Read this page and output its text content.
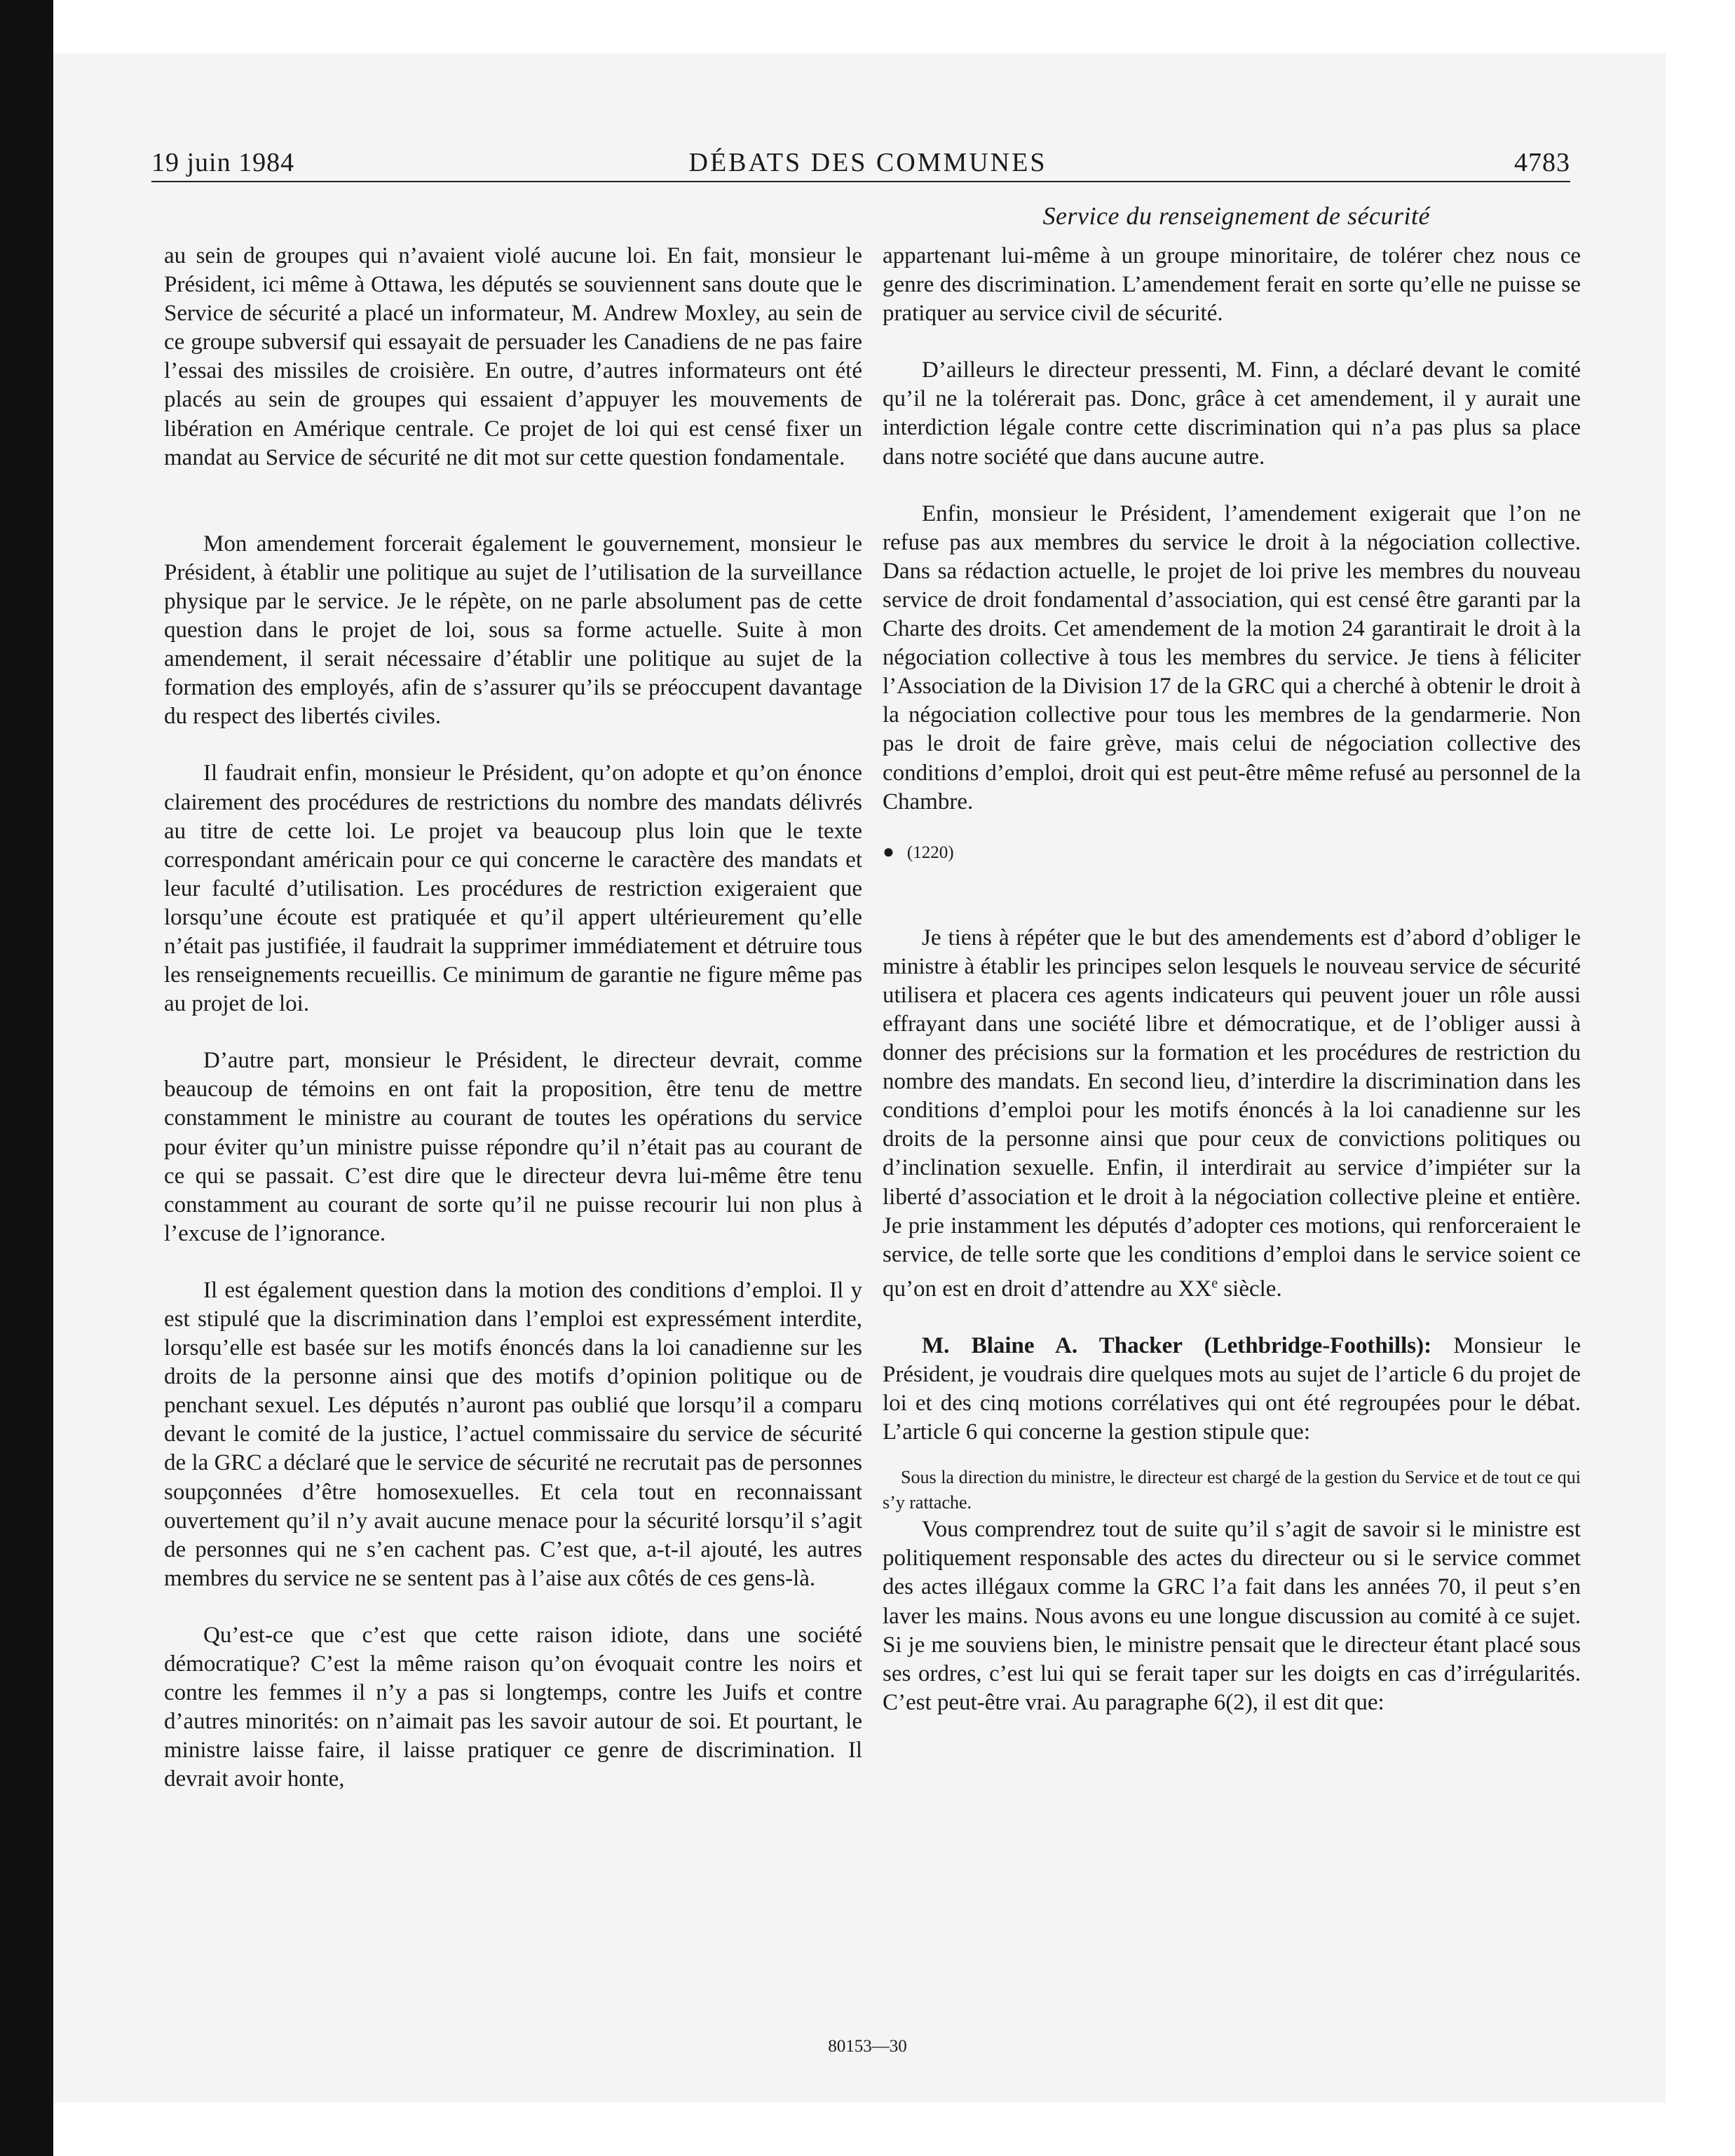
19 juin 1984	DÉBATS DES COMMUNES	4783
Service du renseignement de sécurité

au sein de groupes qui n’avaient violé aucune loi. En fait, monsieur le Président, ici même à Ottawa, les députés se souviennent sans doute que le Service de sécurité a placé un informateur, M. Andrew Moxley, au sein de ce groupe subversif qui essayait de persuader les Canadiens de ne pas faire l’essai des missiles de croisière. En outre, d’autres informateurs ont été placés au sein de groupes qui essaient d’appuyer les mouvements de libération en Amérique centrale. Ce projet de loi qui est censé fixer un mandat au Service de sécurité ne dit mot sur cette question fondamentale.

Mon amendement forcerait également le gouvernement, monsieur le Président, à établir une politique au sujet de l’utilisation de la surveillance physique par le service. Je le répète, on ne parle absolument pas de cette question dans le projet de loi, sous sa forme actuelle. Suite à mon amendement, il serait nécessaire d’établir une politique au sujet de la formation des employés, afin de s’assurer qu’ils se préoccupent davantage du respect des libertés civiles.

Il faudrait enfin, monsieur le Président, qu’on adopte et qu’on énonce clairement des procédures de restrictions du nombre des mandats délivrés au titre de cette loi. Le projet va beaucoup plus loin que le texte correspondant américain pour ce qui concerne le caractère des mandats et leur faculté d’utilisation. Les procédures de restriction exigeraient que lorsqu’une écoute est pratiquée et qu’il appert ultérieurement qu’elle n’était pas justifiée, il faudrait la supprimer immédiatement et détruire tous les renseignements recueillis. Ce minimum de garantie ne figure même pas au projet de loi.

D’autre part, monsieur le Président, le directeur devrait, comme beaucoup de témoins en ont fait la proposition, être tenu de mettre constamment le ministre au courant de toutes les opérations du service pour éviter qu’un ministre puisse répondre qu’il n’était pas au courant de ce qui se passait. C’est dire que le directeur devra lui-même être tenu constamment au courant de sorte qu’il ne puisse recourir lui non plus à l’excuse de l’ignorance.

Il est également question dans la motion des conditions d’emploi. Il y est stipulé que la discrimination dans l’emploi est expressément interdite, lorsqu’elle est basée sur les motifs énoncés dans la loi canadienne sur les droits de la personne ainsi que des motifs d’opinion politique ou de penchant sexuel. Les députés n’auront pas oublié que lorsqu’il a comparu devant le comité de la justice, l’actuel commissaire du service de sécurité de la GRC a déclaré que le service de sécurité ne recrutait pas de personnes soupçonnées d’être homosexuelles. Et cela tout en reconnaissant ouvertement qu’il n’y avait aucune menace pour la sécurité lorsqu’il s’agit de personnes qui ne s’en cachent pas. C’est que, a-t-il ajouté, les autres membres du service ne se sentent pas à l’aise aux côtés de ces gens-là.

Qu’est-ce que c’est que cette raison idiote, dans une société démocratique? C’est la même raison qu’on évoquait contre les noirs et contre les femmes il n’y a pas si longtemps, contre les Juifs et contre d’autres minorités: on n’aimait pas les savoir autour de soi. Et pourtant, le ministre laisse faire, il laisse pratiquer ce genre de discrimination. Il devrait avoir honte,

appartenant lui-même à un groupe minoritaire, de tolérer chez nous ce genre des discrimination. L’amendement ferait en sorte qu’elle ne puisse se pratiquer au service civil de sécurité.

D’ailleurs le directeur pressenti, M. Finn, a déclaré devant le comité qu’il ne la tolérerait pas. Donc, grâce à cet amendement, il y aurait une interdiction légale contre cette discrimination qui n’a pas plus sa place dans notre société que dans aucune autre.

Enfin, monsieur le Président, l’amendement exigerait que l’on ne refuse pas aux membres du service le droit à la négociation collective. Dans sa rédaction actuelle, le projet de loi prive les membres du nouveau service de droit fondamental d’association, qui est censé être garanti par la Charte des droits. Cet amendement de la motion 24 garantirait le droit à la négociation collective à tous les membres du service. Je tiens à féliciter l’Association de la Division 17 de la GRC qui a cherché à obtenir le droit à la négociation collective pour tous les membres de la gendarmerie. Non pas le droit de faire grève, mais celui de négociation collective des conditions d’emploi, droit qui est peut-être même refusé au personnel de la Chambre.

● (1220)

Je tiens à répéter que le but des amendements est d’abord d’obliger le ministre à établir les principes selon lesquels le nouveau service de sécurité utilisera et placera ces agents indicateurs qui peuvent jouer un rôle aussi effrayant dans une société libre et démocratique, et de l’obliger aussi à donner des précisions sur la formation et les procédures de restriction du nombre des mandats. En second lieu, d’interdire la discrimination dans les conditions d’emploi pour les motifs énoncés à la loi canadienne sur les droits de la personne ainsi que pour ceux de convictions politiques ou d’inclination sexuelle. Enfin, il interdirait au service d’impiéter sur la liberté d’association et le droit à la négociation collective pleine et entière. Je prie instamment les députés d’adopter ces motions, qui renforceraient le service, de telle sorte que les conditions d’emploi dans le service soient ce qu’on est en droit d’attendre au XXe siècle.

M. Blaine A. Thacker (Lethbridge-Foothills): Monsieur le Président, je voudrais dire quelques mots au sujet de l’article 6 du projet de loi et des cinq motions corrélatives qui ont été regroupées pour le débat. L’article 6 qui concerne la gestion stipule que:

Sous la direction du ministre, le directeur est chargé de la gestion du Service et de tout ce qui s’y rattache.

Vous comprendrez tout de suite qu’il s’agit de savoir si le ministre est politiquement responsable des actes du directeur ou si le service commet des actes illégaux comme la GRC l’a fait dans les années 70, il peut s’en laver les mains. Nous avons eu une longue discussion au comité à ce sujet. Si je me souviens bien, le ministre pensait que le directeur étant placé sous ses ordres, c’est lui qui se ferait taper sur les doigts en cas d’irrégularités. C’est peut-être vrai. Au paragraphe 6(2), il est dit que:

80153—30
